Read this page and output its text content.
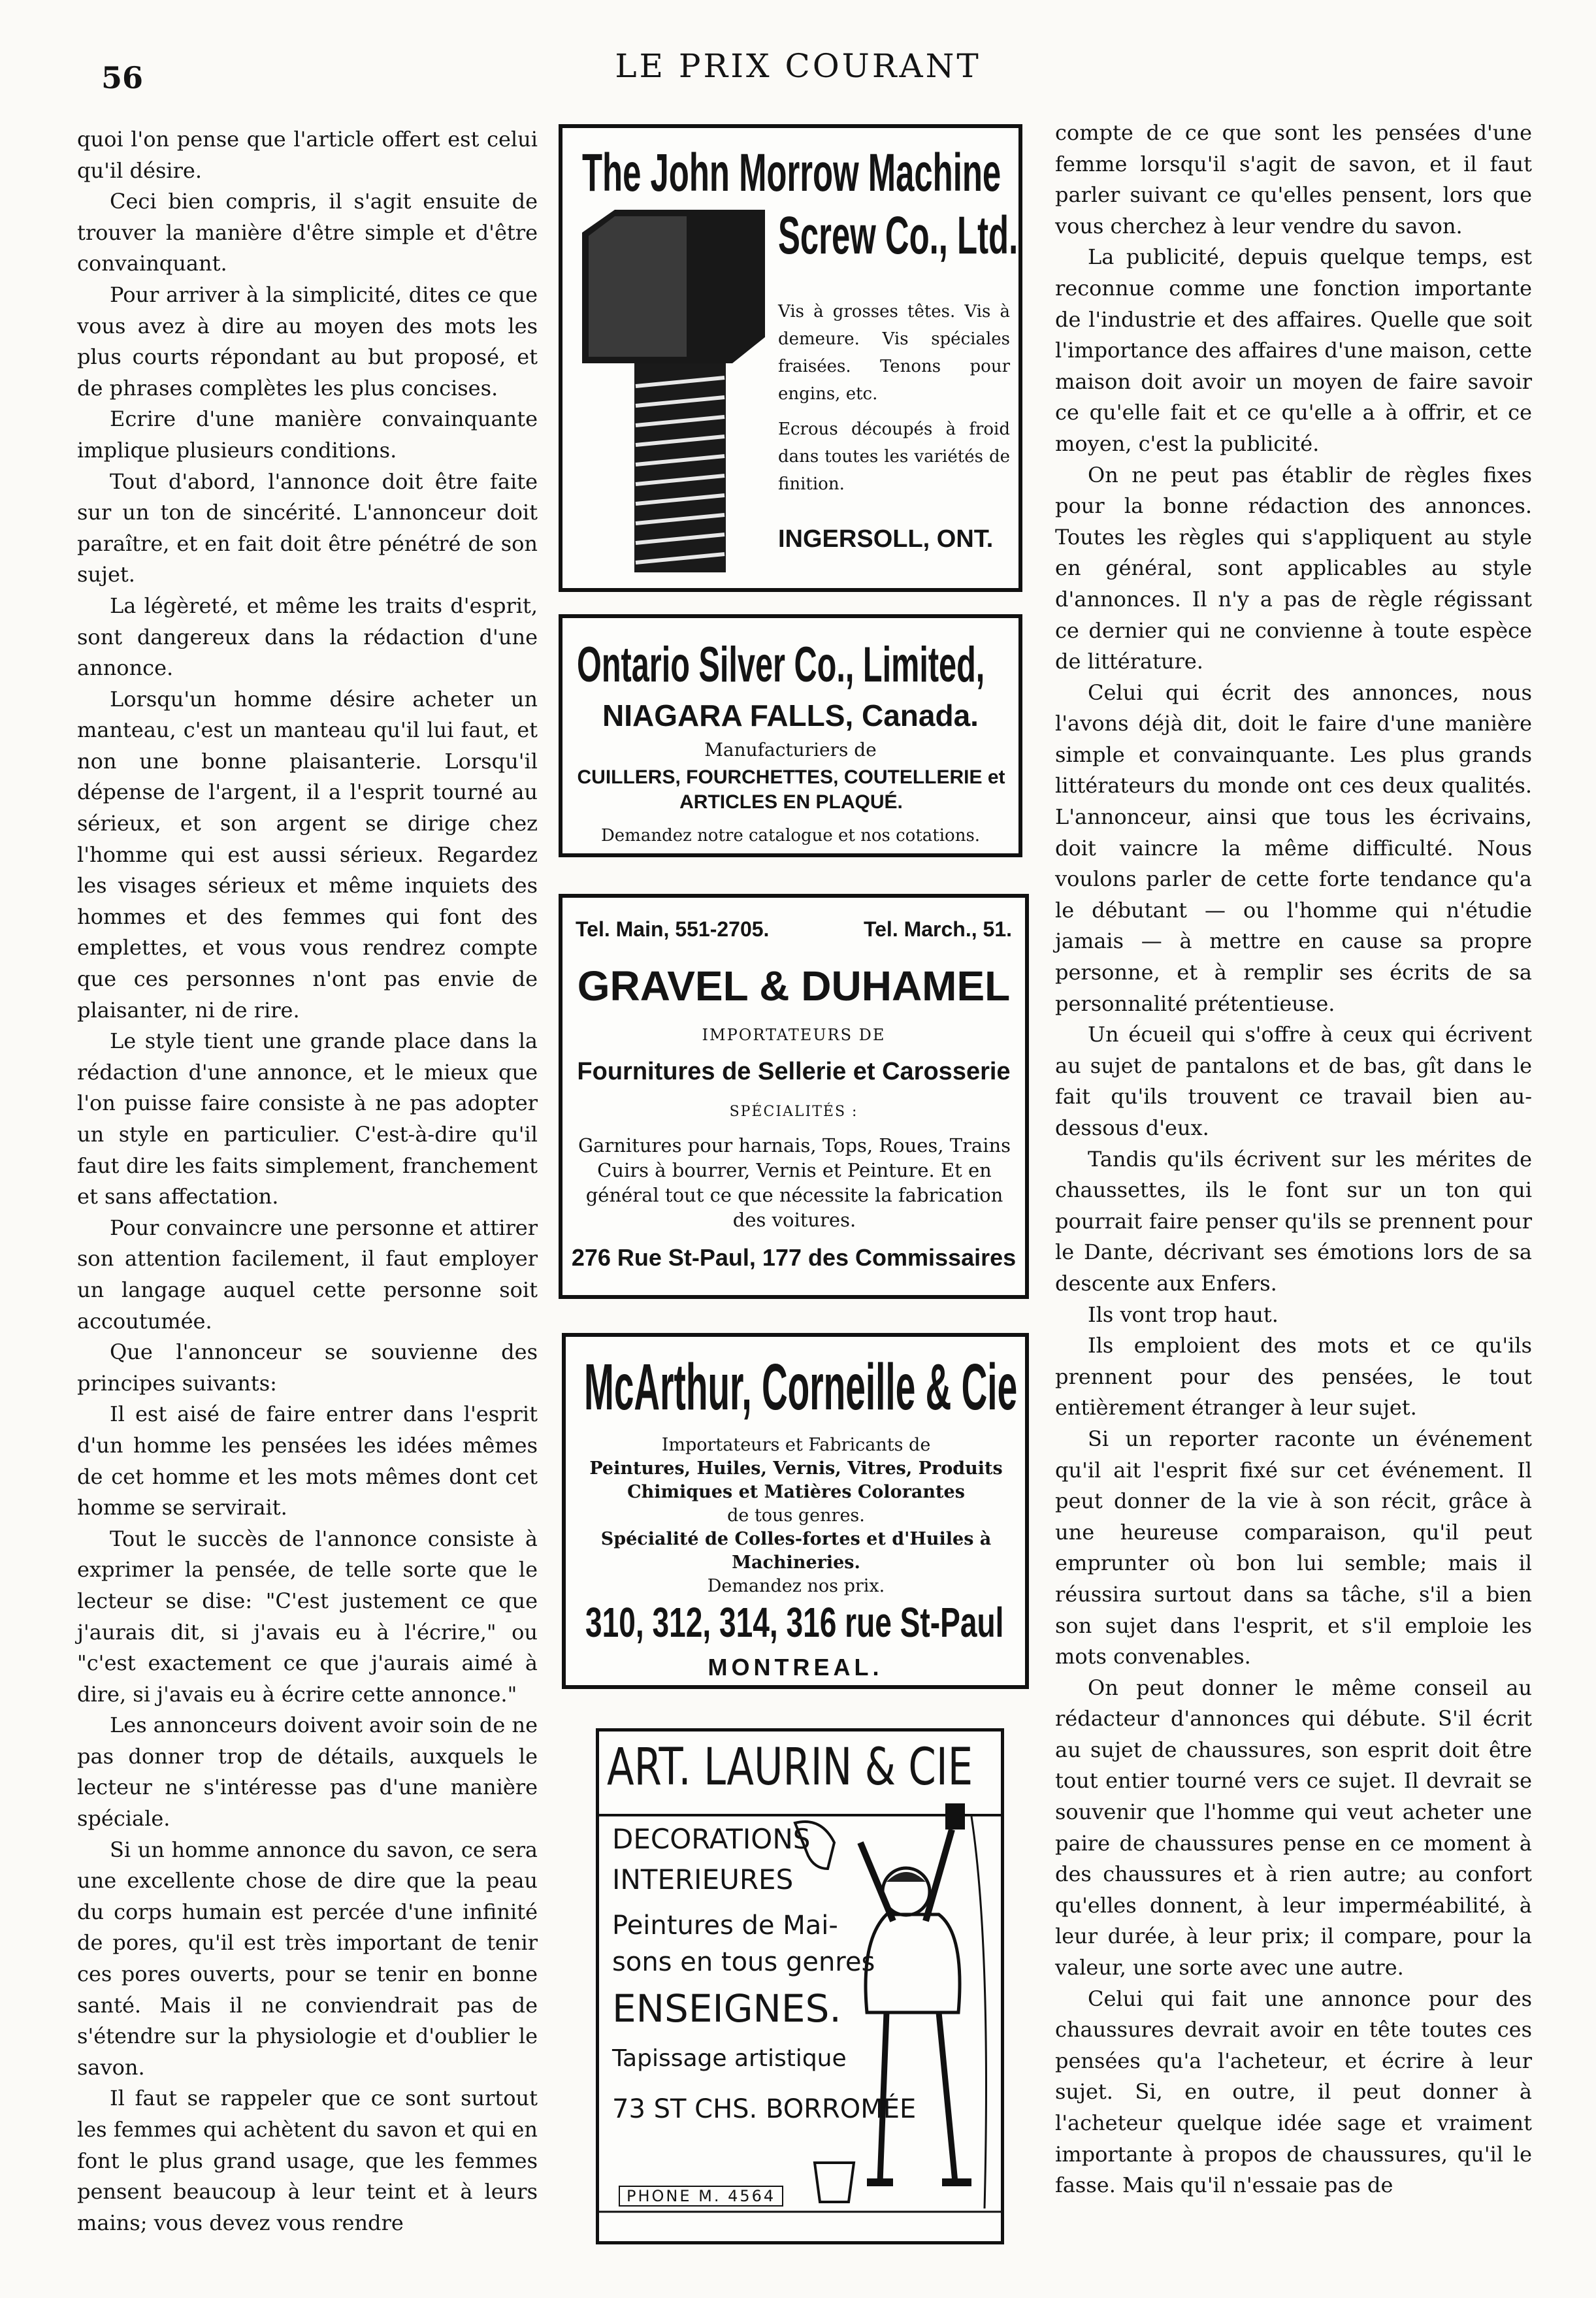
56	LE PRIX COURANT

quoi l'on pense que l'article offert est celui qu'il désire.

Ceci bien compris, il s'agit ensuite de trouver la manière d'être simple et d'être convainquant.

Pour arriver à la simplicité, dites ce que vous avez à dire au moyen des mots les plus courts répondant au but proposé, et de phrases complètes les plus concises.

Ecrire d'une manière convainquante implique plusieurs conditions.

Tout d'abord, l'annonce doit être faite sur un ton de sincérité. L'annonceur doit paraître, et en fait doit être pénétré de son sujet.

La légèreté, et même les traits d'esprit, sont dangereux dans la rédaction d'une annonce.

Lorsqu'un homme désire acheter un manteau, c'est un manteau qu'il lui faut, et non une bonne plaisanterie. Lorsqu'il dépense de l'argent, il a l'esprit tourné au sérieux, et son argent se dirige chez l'homme qui est aussi sérieux. Regardez les visages sérieux et même inquiets des hommes et des femmes qui font des emplettes, et vous vous rendrez compte que ces personnes n'ont pas envie de plaisanter, ni de rire.

Le style tient une grande place dans la rédaction d'une annonce, et le mieux que l'on puisse faire consiste à ne pas adopter un style en particulier. C'est-à-dire qu'il faut dire les faits simplement, franchement et sans affectation.

Pour convaincre une personne et attirer son attention facilement, il faut employer un langage auquel cette personne soit accoutumée.

Que l'annonceur se souvienne des principes suivants:

Il est aisé de faire entrer dans l'esprit d'un homme les pensées les idées mêmes de cet homme et les mots mêmes dont cet homme se servirait.

Tout le succès de l'annonce consiste à exprimer la pensée, de telle sorte que le lecteur se dise: "C'est justement ce que j'aurais dit, si j'avais eu à l'écrire," ou "c'est exactement ce que j'aurais aimé à dire, si j'avais eu à écrire cette annonce."

Les annonceurs doivent avoir soin de ne pas donner trop de détails, auxquels le lecteur ne s'intéresse pas d'une manière spéciale.

Si un homme annonce du savon, ce sera une excellente chose de dire que la peau du corps humain est percée d'une infinité de pores, qu'il est très important de tenir ces pores ouverts, pour se tenir en bonne santé. Mais il ne conviendrait pas de s'étendre sur la physiologie et d'oublier le savon.

Il faut se rappeler que ce sont surtout les femmes qui achètent du savon et qui en font le plus grand usage, que les femmes pensent beaucoup à leur teint et à leurs mains; vous devez vous rendre

compte de ce que sont les pensées d'une femme lorsqu'il s'agit de savon, et il faut parler suivant ce qu'elles pensent, lors que vous cherchez à leur vendre du savon.

La publicité, depuis quelque temps, est reconnue comme une fonction importante de l'industrie et des affaires. Quelle que soit l'importance des affaires d'une maison, cette maison doit avoir un moyen de faire savoir ce qu'elle fait et ce qu'elle a à offrir, et ce moyen, c'est la publicité.

On ne peut pas établir de règles fixes pour la bonne rédaction des annonces. Toutes les règles qui s'appliquent au style en général, sont applicables au style d'annonces. Il n'y a pas de règle régissant ce dernier qui ne convienne à toute espèce de littérature.

Celui qui écrit des annonces, nous l'avons déjà dit, doit le faire d'une manière simple et convainquante. Les plus grands littérateurs du monde ont ces deux qualités. L'annonceur, ainsi que tous les écrivains, doit vaincre la même difficulté. Nous voulons parler de cette forte tendance qu'a le débutant — ou l'homme qui n'étudie jamais — à mettre en cause sa propre personne, et à remplir ses écrits de sa personnalité prétentieuse.

Un écueil qui s'offre à ceux qui écrivent au sujet de pantalons et de bas, gît dans le fait qu'ils trouvent ce travail bien au-dessous d'eux.

Tandis qu'ils écrivent sur les mérites de chaussettes, ils le font sur un ton qui pourrait faire penser qu'ils se prennent pour le Dante, décrivant ses émotions lors de sa descente aux Enfers.

Ils vont trop haut.

Ils emploient des mots et ce qu'ils prennent pour des pensées, le tout entièrement étranger à leur sujet.

Si un reporter raconte un événement qu'il ait l'esprit fixé sur cet événement. Il peut donner de la vie à son récit, grâce à une heureuse comparaison, qu'il peut emprunter où bon lui semble; mais il réussira surtout dans sa tâche, s'il a bien son sujet dans l'esprit, et s'il emploie les mots convenables.

On peut donner le même conseil au rédacteur d'annonces qui débute. S'il écrit au sujet de chaussures, son esprit doit être tout entier tourné vers ce sujet. Il devrait se souvenir que l'homme qui veut acheter une paire de chaussures pense en ce moment à des chaussures et à rien autre; au confort qu'elles donnent, à leur imperméabilité, à leur durée, à leur prix; il compare, pour la valeur, une sorte avec une autre.

Celui qui fait une annonce pour des chaussures devrait avoir en tête toutes ces pensées qu'a l'acheteur, et écrire à leur sujet. Si, en outre, il peut donner à l'acheteur quelque idée sage et vraiment importante à propos de chaussures, qu'il le fasse. Mais qu'il n'essaie pas de

The John Morrow Machine
Screw Co., Ltd.
Vis à grosses têtes. Vis à demeure. Vis spéciales fraisées. Tenons pour engins, etc.
Ecrous découpés à froid dans toutes les variétés de finition.
INGERSOLL, ONT.
Ontario Silver Co., Limited,
NIAGARA FALLS, Canada.
Manufacturiers de
CUILLERS, FOURCHETTES, COUTELLERIE et ARTICLES EN PLAQUÉ.
Demandez notre catalogue et nos cotations.
Tel. Main, 551-2705.	Tel. March., 51.
GRAVEL & DUHAMEL
IMPORTATEURS DE
Fournitures de Sellerie et Carosserie
SPÉCIALITÉS :
Garnitures pour harnais, Tops, Roues, Trains Cuirs à bourrer, Vernis et Peinture. Et en général tout ce que nécessite la fabrication des voitures.
276 Rue St-Paul, 177 des Commissaires
McArthur, Corneille & Cie
Importateurs et Fabricants de
Peintures, Huiles, Vernis, Vitres, Produits Chimiques et Matières Colorantes
de tous genres.
Spécialité de Colles-fortes et d'Huiles à Machineries.
Demandez nos prix.
310, 312, 314, 316 rue St-Paul
MONTREAL.
ART. LAURIN & CIE
DECORATIONS
INTERIEURES
Peintures de Mai-
sons en tous genres
ENSEIGNES.
Tapissage artistique
73 ST CHS. BORROMÉE
PHONE M. 4564
